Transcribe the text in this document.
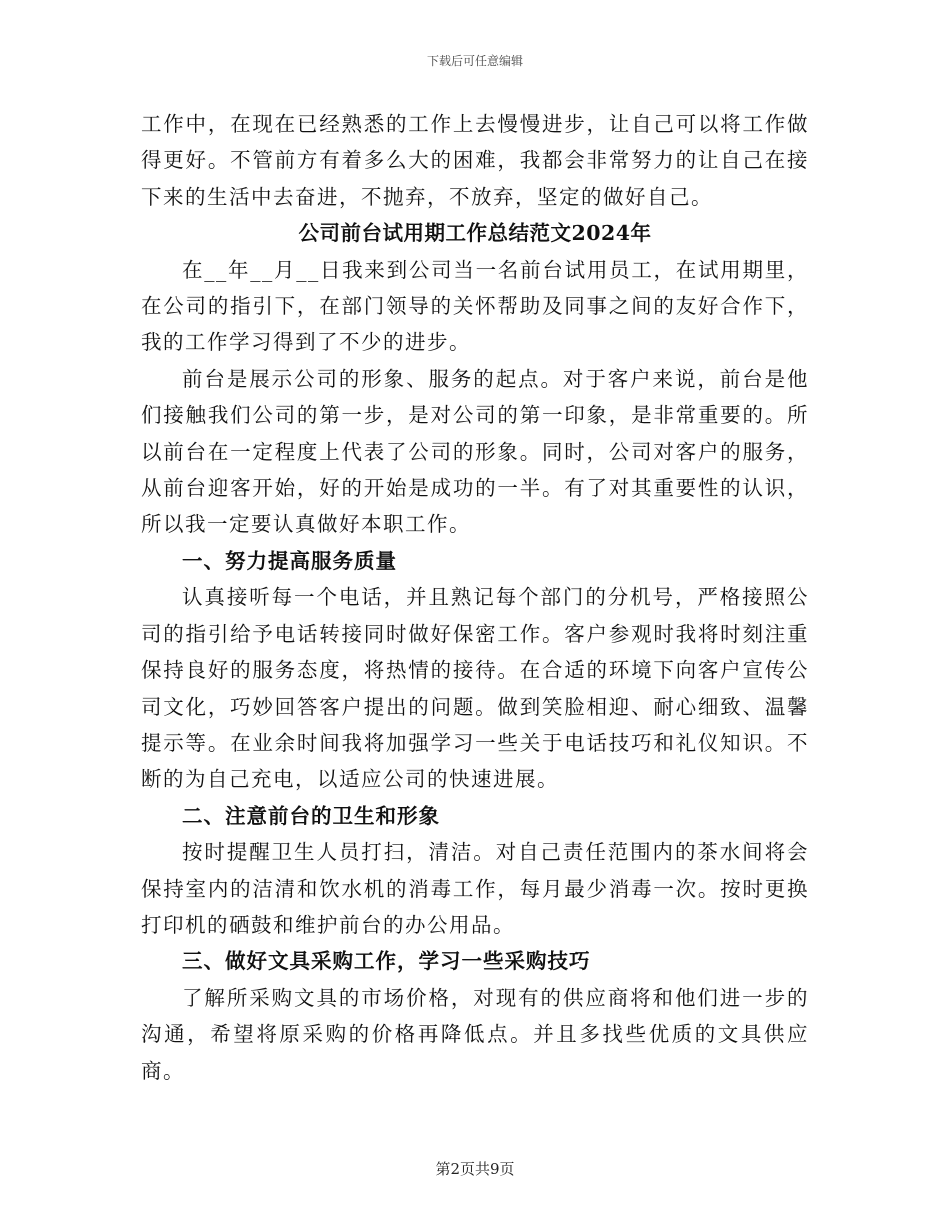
下载后可任意编辑

工作中，在现在已经熟悉的工作上去慢慢进步，让自己可以将工作做得更好。不管前方有着多么大的困难，我都会非常努力的让自己在接下来的生活中去奋进，不抛弃，不放弃，坚定的做好自己。

公司前台试用期工作总结范文2024年

在__年__月__日我来到公司当一名前台试用员工，在试用期里，在公司的指引下，在部门领导的关怀帮助及同事之间的友好合作下，我的工作学习得到了不少的进步。

前台是展示公司的形象、服务的起点。对于客户来说，前台是他们接触我们公司的第一步，是对公司的第一印象，是非常重要的。所以前台在一定程度上代表了公司的形象。同时，公司对客户的服务，从前台迎客开始，好的开始是成功的一半。有了对其重要性的认识，所以我一定要认真做好本职工作。

一、努力提高服务质量

认真接听每一个电话，并且熟记每个部门的分机号，严格接照公司的指引给予电话转接同时做好保密工作。客户参观时我将时刻注重保持良好的服务态度，将热情的接待。在合适的环境下向客户宣传公司文化，巧妙回答客户提出的问题。做到笑脸相迎、耐心细致、温馨提示等。在业余时间我将加强学习一些关于电话技巧和礼仪知识。不断的为自己充电，以适应公司的快速进展。

二、注意前台的卫生和形象

按时提醒卫生人员打扫，清洁。对自己责任范围内的茶水间将会保持室内的洁清和饮水机的消毒工作，每月最少消毒一次。按时更换打印机的硒鼓和维护前台的办公用品。

三、做好文具采购工作，学习一些采购技巧

了解所采购文具的市场价格，对现有的供应商将和他们进一步的沟通，希望将原采购的价格再降低点。并且多找些优质的文具供应商。

第2页共9页
